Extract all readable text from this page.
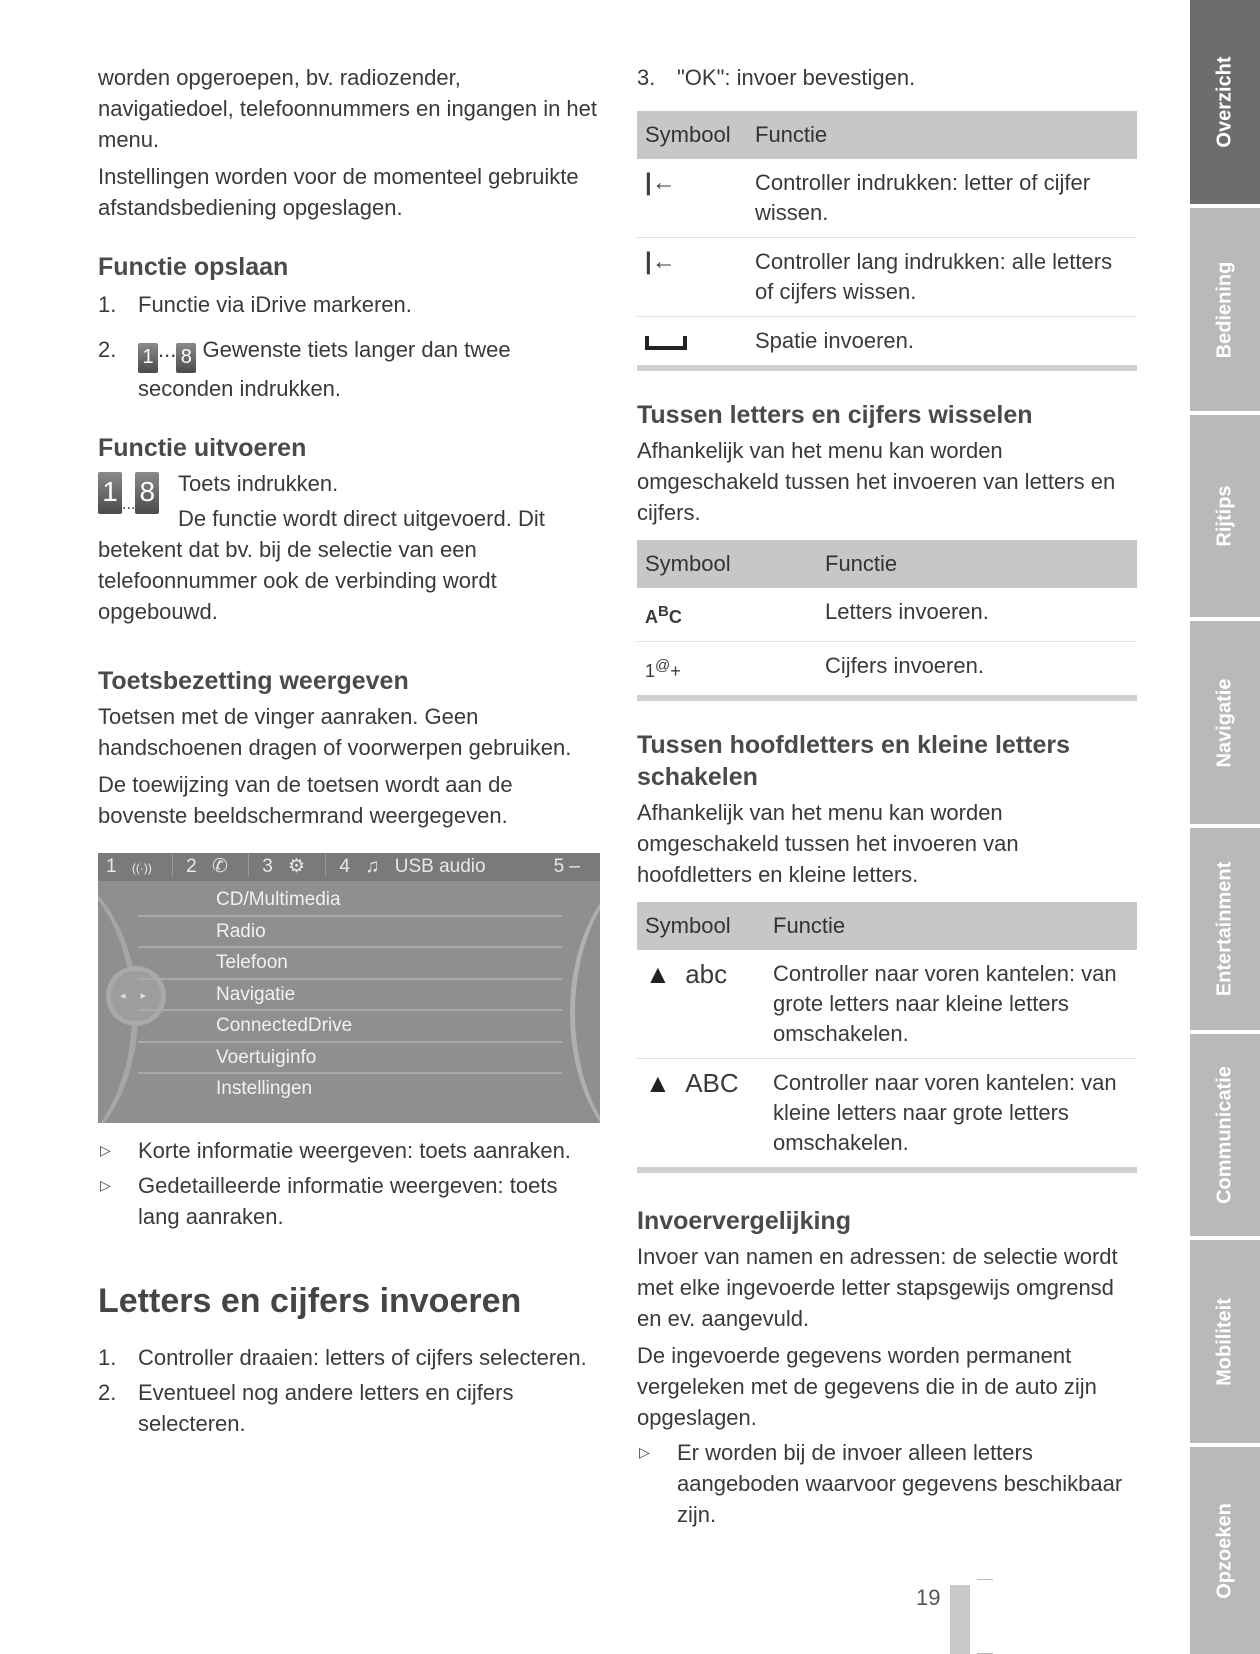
worden opgeroepen, bv. radiozender, navigatiedoel, telefoonnummers en ingangen in het menu.

Instellingen worden voor de momenteel gebruikte afstandsbediening opgeslagen.

Functie opslaan
1. Functie via iDrive markeren.
2.	1 ... 8 Gewenste tiets langer dan twee seconden indrukken.
Functie uitvoeren
1 ... 8	Toets indrukken.

De functie wordt direct uitgevoerd. Dit betekent dat bv. bij de selectie van een telefoonnummer ook de verbinding wordt opgebouwd.

Toetsbezetting weergeven

Toetsen met de vinger aanraken. Geen handschoenen dragen of voorwerpen gebruiken.

De toewijzing van de toetsen wordt aan de bovenste beeldschermrand weergegeven.

1 ((·)) 2 ✆ 3 ⚙ 4 ♫ USB audio	5 –
◂ ▸
CD/Multimedia
Radio
Telefoon
Navigatie
ConnectedDrive
Voertuiginfo
Instellingen
▷	Korte informatie weergeven: toets aanraken.
▷	Gedetailleerde informatie weergeven: toets lang aanraken.
Letters en cijfers invoeren
1. Controller draaien: letters of cijfers selecteren.
2. Eventueel nog andere letters en cijfers selecteren.
3. "OK": invoer bevestigen.
Symbool	Functie
|←	Controller indrukken: letter of cijfer wissen.
|←	Controller lang indrukken: alle letters of cijfers wissen.
	Spatie invoeren.
Tussen letters en cijfers wisselen

Afhankelijk van het menu kan worden omgeschakeld tussen het invoeren van letters en cijfers.

Symbool	Functie
$A^BC$	Letters invoeren.
1@+	Cijfers invoeren.
Tussen hoofdletters en kleine letters schakelen

Afhankelijk van het menu kan worden omgeschakeld tussen het invoeren van hoofdletters en kleine letters.

Symbool	Functie
▲ abc	Controller naar voren kantelen: van grote letters naar kleine letters omschakelen.
▲ ABC	Controller naar voren kantelen: van kleine letters naar grote letters omschakelen.
Invoervergelijking

Invoer van namen en adressen: de selectie wordt met elke ingevoerde letter stapsgewijs omgrensd en ev. aangevuld.

De ingevoerde gegevens worden permanent vergeleken met de gegevens die in de auto zijn opgeslagen.

▷	Er worden bij de invoer alleen letters aangeboden waarvoor gegevens beschikbaar zijn.
Overzicht
Bediening
Rijtips
Navigatie
Entertainment
Communicatie
Mobiliteit
Opzoeken
19
